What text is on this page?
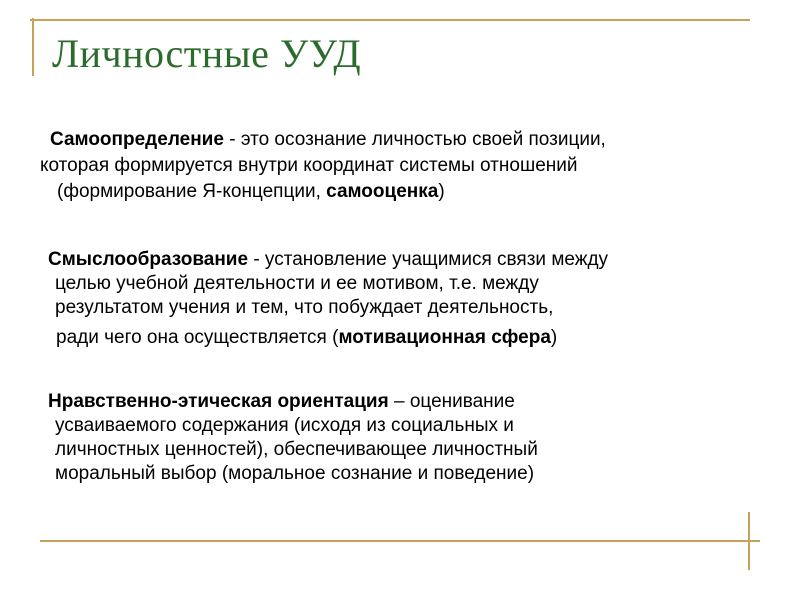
Личностные УУД
Самоопределение - это осознание личностью своей позиции,
которая формируется внутри координат системы отношений
(формирование Я-концепции, самооценка)
Смыслообразование - установление учащимися связи между
целью учебной деятельности и ее мотивом, т.е. между
результатом учения и тем, что побуждает деятельность,
ради чего она осуществляется (мотивационная сфера)
Нравственно-этическая ориентация – оценивание
усваиваемого содержания (исходя из социальных и
личностных ценностей), обеспечивающее личностный
моральный выбор (моральное сознание и поведение)
